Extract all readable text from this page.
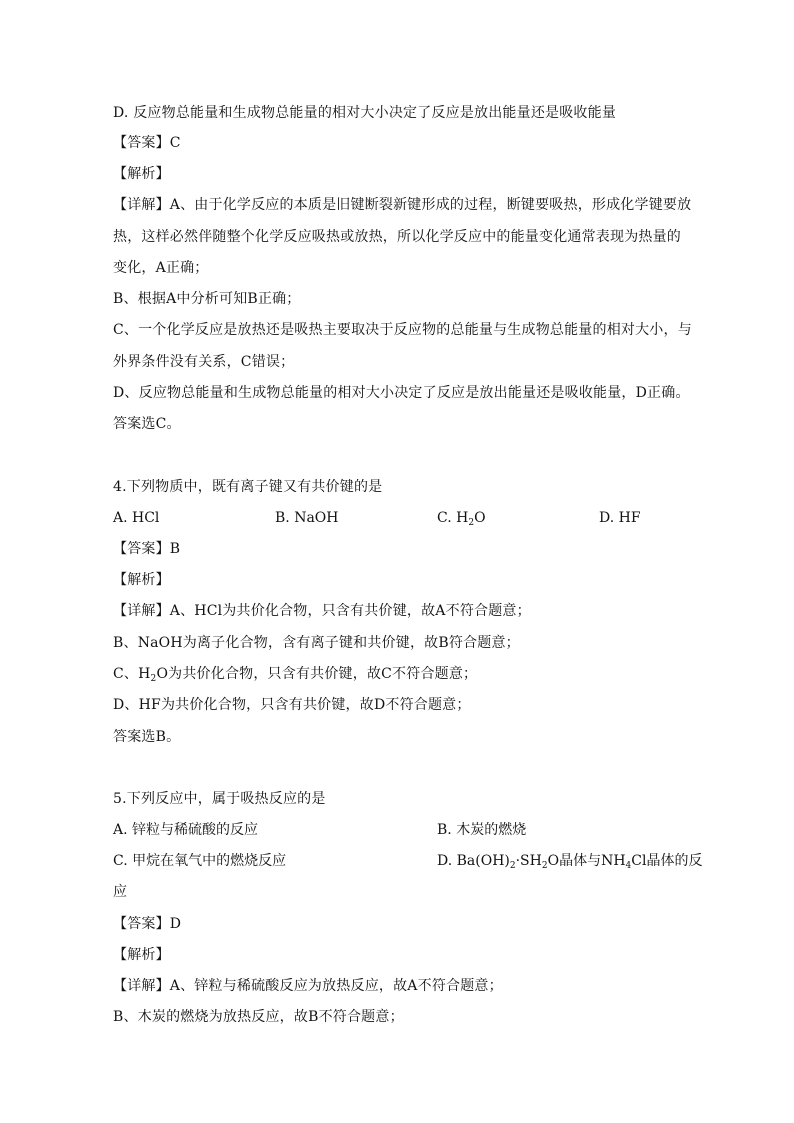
D. 反应物总能量和生成物总能量的相对大小决定了反应是放出能量还是吸收能量
【答案】C
【解析】
【详解】A、由于化学反应的本质是旧键断裂新键形成的过程，断键要吸热，形成化学键要放
热，这样必然伴随整个化学反应吸热或放热，所以化学反应中的能量变化通常表现为热量的
变化，A正确；
B、根据A中分析可知B正确；
C、一个化学反应是放热还是吸热主要取决于反应物的总能量与生成物总能量的相对大小，与
外界条件没有关系，C错误；
D、反应物总能量和生成物总能量的相对大小决定了反应是放出能量还是吸收能量，D正确。
答案选C。
4.下列物质中，既有离子键又有共价键的是
A. HCl	B. NaOH	C. $H_2O$	D. HF
【答案】B
【解析】
【详解】A、HCl为共价化合物，只含有共价键，故A不符合题意；
B、NaOH为离子化合物，含有离子键和共价键，故B符合题意；
C、$H_2O$为共价化合物，只含有共价键，故C不符合题意；
D、HF为共价化合物，只含有共价键，故D不符合题意；
答案选B。
5.下列反应中，属于吸热反应的是
A. 锌粒与稀硫酸的反应	B. 木炭的燃烧
C. 甲烷在氧气中的燃烧反应	D. $Ba(OH)_2\cdot SH_2O$晶体与$NH_4Cl$晶体的反
应
【答案】D
【解析】
【详解】A、锌粒与稀硫酸反应为放热反应，故A不符合题意；
B、木炭的燃烧为放热反应，故B不符合题意；
